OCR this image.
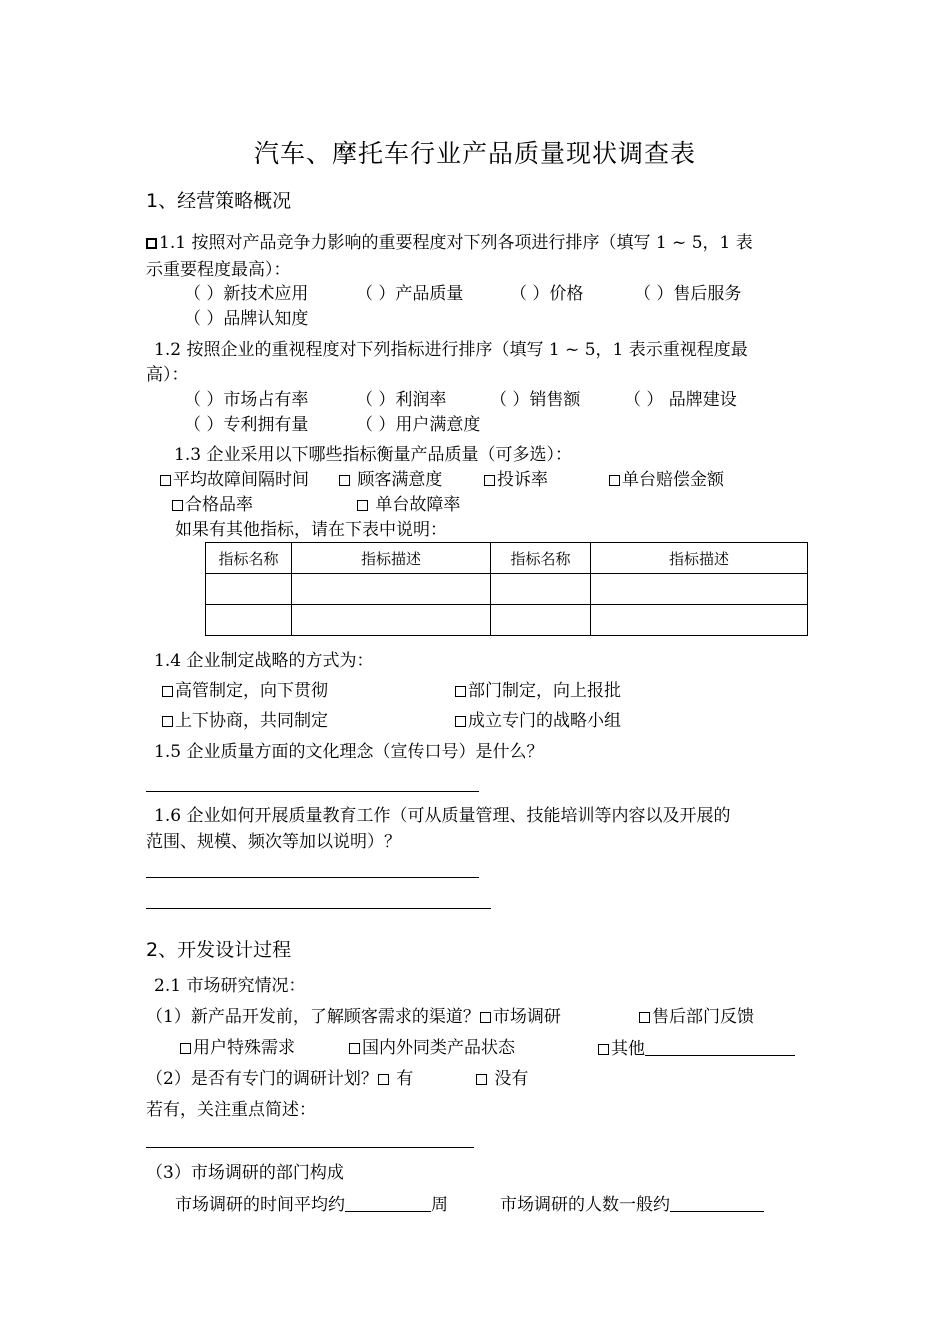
汽车、摩托车行业产品质量现状调查表
1、经营策略概况
1.1 按照对产品竞争力影响的重要程度对下列各项进行排序（填写 1 ~ 5，1 表
示重要程度最高）：
（ ）新技术应用	（ ）产品质量	（ ）价格	（ ）售后服务
（ ）品牌认知度
1.2 按照企业的重视程度对下列指标进行排序（填写 1 ~ 5，1 表示重视程度最
高）：
（ ）市场占有率	（ ）利润率	（ ）销售额	（ ） 品牌建设
（ ）专利拥有量	（ ）用户满意度
1.3 企业采用以下哪些指标衡量产品质量（可多选）：
平均故障间隔时间	顾客满意度	投诉率	单台赔偿金额
合格品率	单台故障率
如果有其他指标，请在下表中说明：
指标名称	指标描述	指标名称	指标描述

1.4 企业制定战略的方式为：
高管制定，向下贯彻	部门制定，向上报批
上下协商，共同制定	成立专门的战略小组
1.5 企业质量方面的文化理念（宣传口号）是什么？
1.6 企业如何开展质量教育工作（可从质量管理、技能培训等内容以及开展的
范围、规模、频次等加以说明）？
2、开发设计过程
2.1 市场研究情况：
（1）新产品开发前，了解顾客需求的渠道？ 市场调研	售后部门反馈
用户特殊需求	国内外同类产品状态	其他
（2）是否有专门的调研计划？ 有	没有
若有，关注重点简述：
（3）市场调研的部门构成
市场调研的时间平均约	周	市场调研的人数一般约
